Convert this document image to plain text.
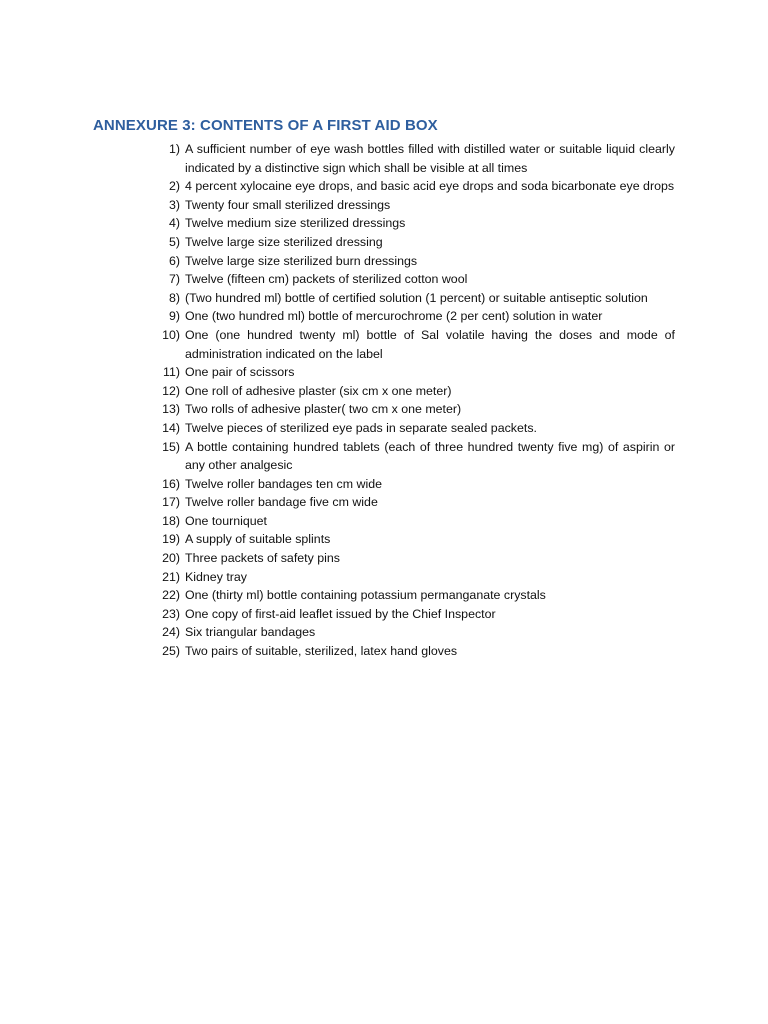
ANNEXURE 3: CONTENTS OF A FIRST AID BOX
1) A sufficient number of eye wash bottles filled with distilled water or suitable liquid clearly indicated by a distinctive sign which shall be visible at all times
2) 4 percent xylocaine eye drops, and basic acid eye drops and soda bicarbonate eye drops
3) Twenty four small sterilized dressings
4) Twelve medium size sterilized dressings
5) Twelve large size sterilized dressing
6) Twelve large size sterilized burn dressings
7) Twelve (fifteen cm) packets of sterilized cotton wool
8) (Two hundred ml) bottle of certified solution (1 percent) or suitable antiseptic solution
9) One (two hundred ml) bottle of mercurochrome (2 per cent) solution in water
10) One (one hundred twenty ml) bottle of Sal volatile having the doses and mode of administration indicated on the label
11) One pair of scissors
12) One roll of adhesive plaster (six cm x one meter)
13) Two rolls of adhesive plaster( two cm x one meter)
14) Twelve pieces of sterilized eye pads in separate sealed packets.
15) A bottle containing hundred tablets (each of three hundred twenty five mg) of aspirin or any other analgesic
16) Twelve roller bandages ten cm wide
17) Twelve roller bandage five cm wide
18) One tourniquet
19) A supply of suitable splints
20) Three packets of safety pins
21) Kidney tray
22) One (thirty ml) bottle containing potassium permanganate crystals
23) One copy of first-aid leaflet issued by the Chief Inspector
24) Six triangular bandages
25) Two pairs of suitable, sterilized, latex hand gloves
